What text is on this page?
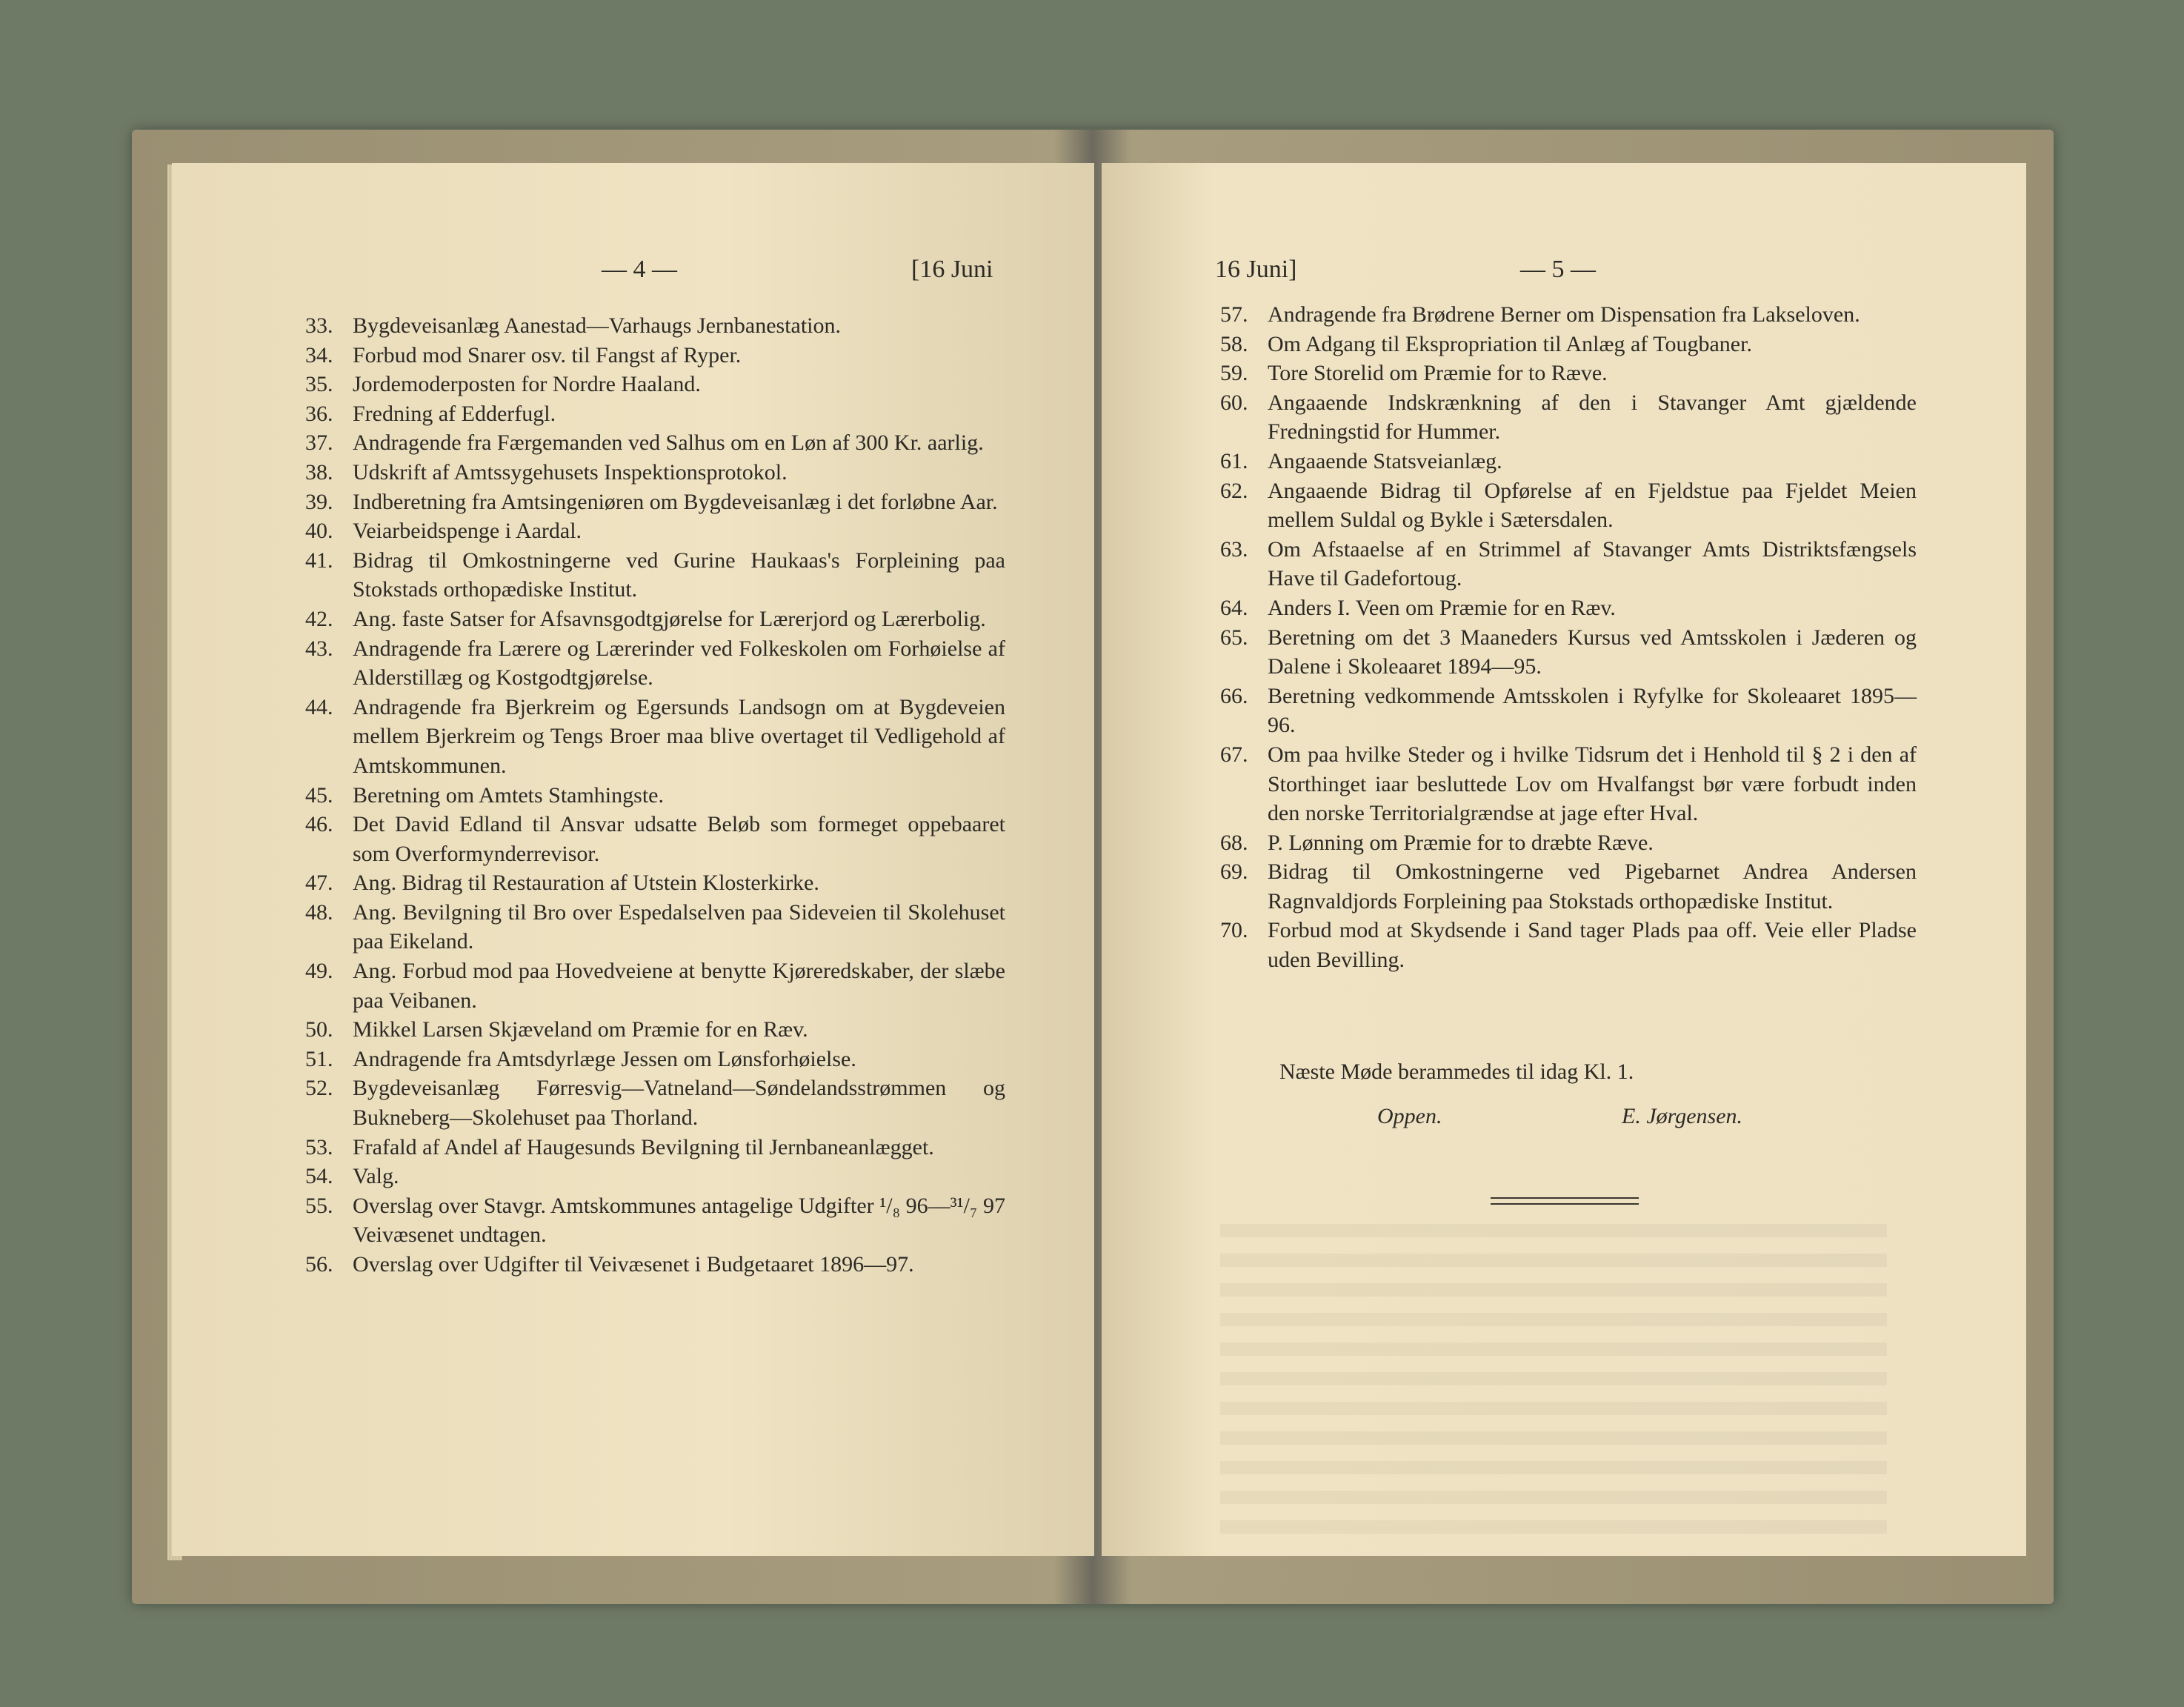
— 4 —	[16 Juni
33. Bygdeveisanlæg Aanestad—Varhaugs Jernbanestation.
34. Forbud mod Snarer osv. til Fangst af Ryper.
35. Jordemoderposten for Nordre Haaland.
36. Fredning af Edderfugl.
37. Andragende fra Færgemanden ved Salhus om en Løn af 300 Kr. aarlig.
38. Udskrift af Amtssygehusets Inspektionsprotokol.
39. Indberetning fra Amtsingeniøren om Bygdeveisanlæg i det forløbne Aar.
40. Veiarbeidspenge i Aardal.
41. Bidrag til Omkostningerne ved Gurine Haukaas's Forpleining paa Stokstads orthopædiske Institut.
42. Ang. faste Satser for Afsavnsgodtgjørelse for Lærerjord og Lærerbolig.
43. Andragende fra Lærere og Lærerinder ved Folkeskolen om Forhøielse af Alderstillæg og Kostgodtgjørelse.
44. Andragende fra Bjerkreim og Egersunds Landsogn om at Bygdeveien mellem Bjerkreim og Tengs Broer maa blive overtaget til Vedligehold af Amtskommunen.
45. Beretning om Amtets Stamhingste.
46. Det David Edland til Ansvar udsatte Beløb som formeget oppebaaret som Overformynderrevisor.
47. Ang. Bidrag til Restauration af Utstein Klosterkirke.
48. Ang. Bevilgning til Bro over Espedalselven paa Sideveien til Skolehuset paa Eikeland.
49. Ang. Forbud mod paa Hovedveiene at benytte Kjøreredskaber, der slæbe paa Veibanen.
50. Mikkel Larsen Skjæveland om Præmie for en Ræv.
51. Andragende fra Amtsdyrlæge Jessen om Lønsforhøielse.
52. Bygdeveisanlæg Førresvig—Vatneland—Søndelandsstrømmen og Bukneberg—Skolehuset paa Thorland.
53. Frafald af Andel af Haugesunds Bevilgning til Jernbaneanlægget.
54. Valg.
55. Overslag over Stavgr. Amtskommunes antagelige Udgifter ¹/₈ 96—³¹/₇ 97 Veivæsenet undtagen.
56. Overslag over Udgifter til Veivæsenet i Budgetaaret 1896—97.
16 Juni]	— 5 —
57. Andragende fra Brødrene Berner om Dispensation fra Lakseloven.
58. Om Adgang til Ekspropriation til Anlæg af Tougbaner.
59. Tore Storelid om Præmie for to Ræve.
60. Angaaende Indskrænkning af den i Stavanger Amt gjældende Fredningstid for Hummer.
61. Angaaende Statsveianlæg.
62. Angaaende Bidrag til Opførelse af en Fjeldstue paa Fjeldet Meien mellem Suldal og Bykle i Sætersdalen.
63. Om Afstaaelse af en Strimmel af Stavanger Amts Distriktsfængsels Have til Gadefortoug.
64. Anders I. Veen om Præmie for en Ræv.
65. Beretning om det 3 Maaneders Kursus ved Amtsskolen i Jæderen og Dalene i Skoleaaret 1894—95.
66. Beretning vedkommende Amtsskolen i Ryfylke for Skoleaaret 1895—96.
67. Om paa hvilke Steder og i hvilke Tidsrum det i Henhold til § 2 i den af Storthinget iaar besluttede Lov om Hvalfangst bør være forbudt inden den norske Territorialgrændse at jage efter Hval.
68. P. Lønning om Præmie for to dræbte Ræve.
69. Bidrag til Omkostningerne ved Pigebarnet Andrea Andersen Ragnvaldjords Forpleining paa Stokstads orthopædiske Institut.
70. Forbud mod at Skydsende i Sand tager Plads paa off. Veie eller Pladse uden Bevilling.
Næste Møde berammedes til idag Kl. 1.
Oppen.	E. Jørgensen.
